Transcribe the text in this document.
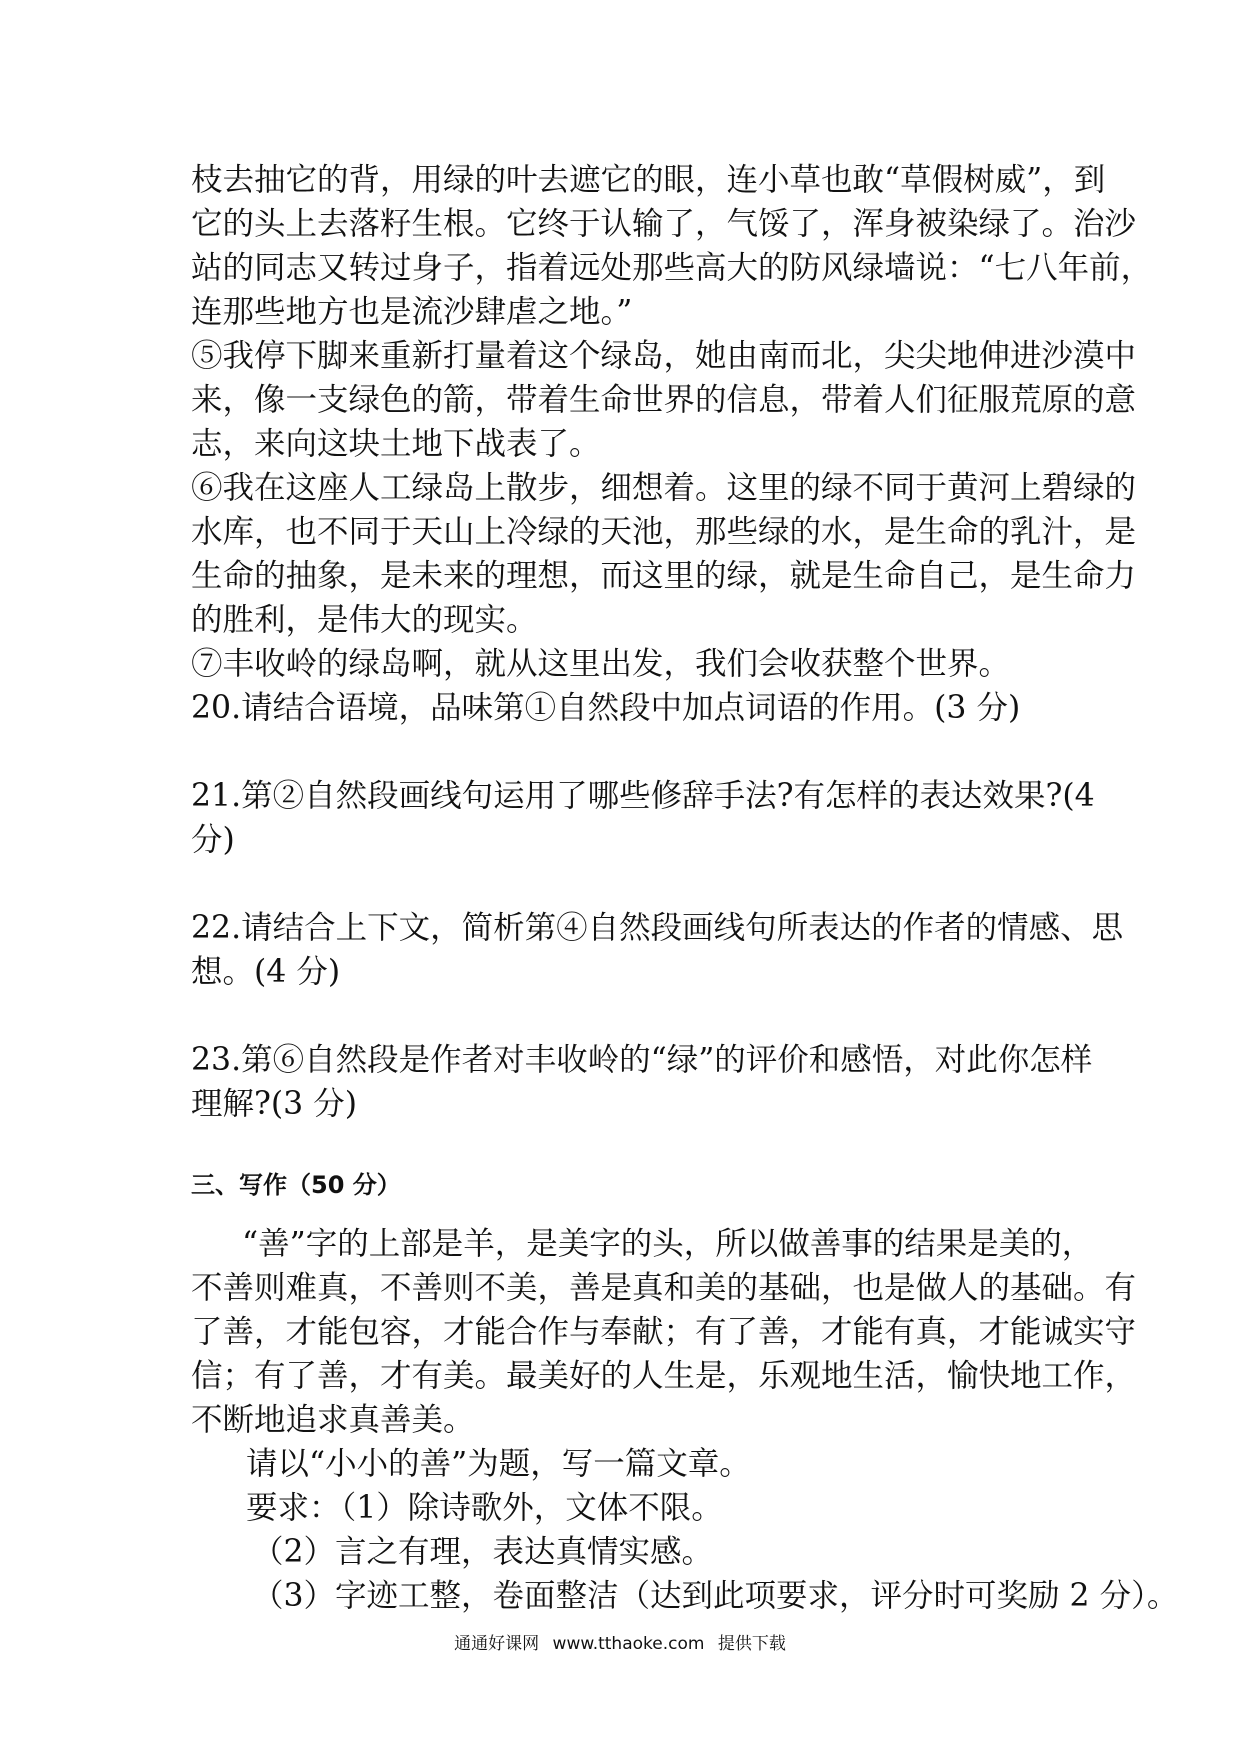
枝去抽它的背，用绿的叶去遮它的眼，连小草也敢“草假树威”，到
它的头上去落籽生根。它终于认输了，气馁了，浑身被染绿了。治沙
站的同志又转过身子，指着远处那些高大的防风绿墙说：“七八年前，
连那些地方也是流沙肆虐之地。”
⑤我停下脚来重新打量着这个绿岛，她由南而北，尖尖地伸进沙漠中
来，像一支绿色的箭，带着生命世界的信息，带着人们征服荒原的意
志，来向这块土地下战表了。
⑥我在这座人工绿岛上散步，细想着。这里的绿不同于黄河上碧绿的
水库，也不同于天山上冷绿的天池，那些绿的水，是生命的乳汁，是
生命的抽象，是未来的理想，而这里的绿，就是生命自己，是生命力
的胜利，是伟大的现实。
⑦丰收岭的绿岛啊，就从这里出发，我们会收获整个世界。
20.请结合语境，品味第①自然段中加点词语的作用。(3 分)
21.第②自然段画线句运用了哪些修辞手法?有怎样的表达效果?(4
分)
22.请结合上下文，简析第④自然段画线句所表达的作者的情感、思
想。(4 分)
23.第⑥自然段是作者对丰收岭的“绿”的评价和感悟，对此你怎样
理解?(3 分)
三、写作（50 分）
“善”字的上部是羊，是美字的头，所以做善事的结果是美的，
不善则难真，不善则不美，善是真和美的基础，也是做人的基础。有
了善，才能包容，才能合作与奉献；有了善，才能有真，才能诚实守
信；有了善，才有美。最美好的人生是，乐观地生活，愉快地工作，
不断地追求真善美。
请以“小小的善”为题，写一篇文章。
要求：（1）除诗歌外，文体不限。
（2）言之有理，表达真情实感。
（3）字迹工整，卷面整洁（达到此项要求，评分时可奖励 2 分）。
通通好课网 www.tthaoke.com 提供下载
